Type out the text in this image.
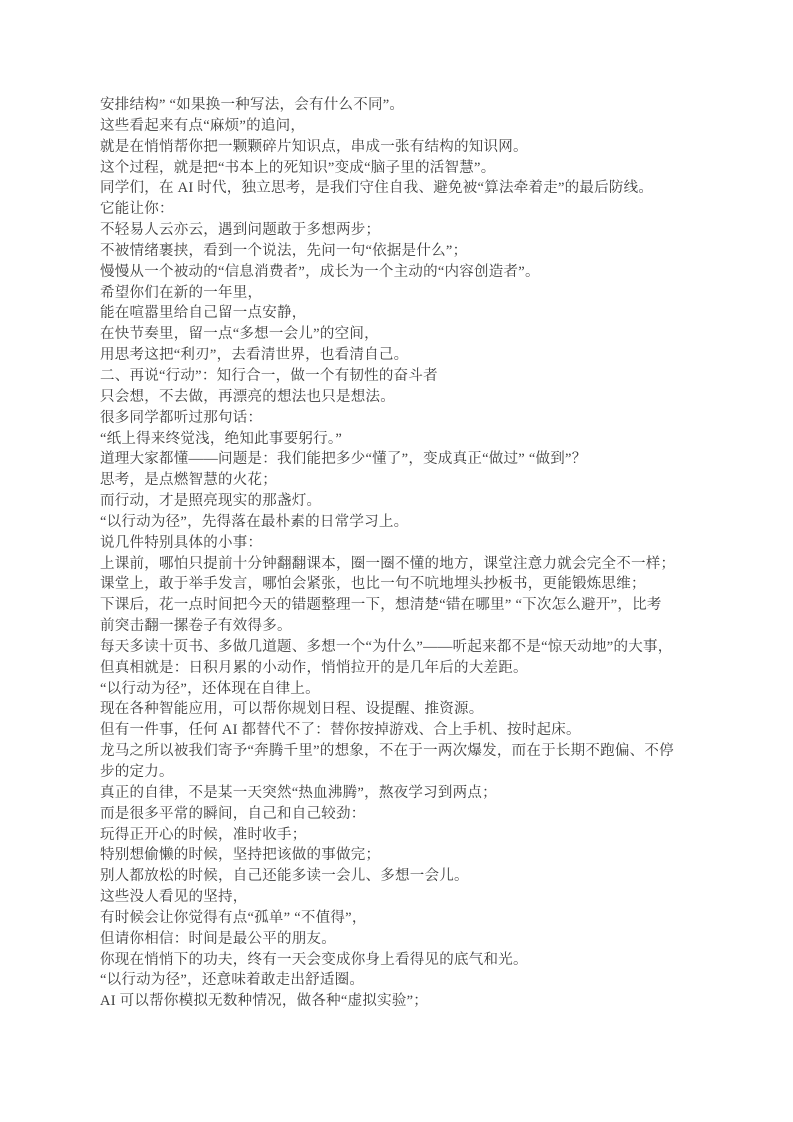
安排结构” “如果换一种写法，会有什么不同”。
这些看起来有点“麻烦”的追问，
就是在悄悄帮你把一颗颗碎片知识点，串成一张有结构的知识网。
这个过程，就是把“书本上的死知识”变成“脑子里的活智慧”。
同学们，在 AI 时代，独立思考，是我们守住自我、避免被“算法牵着走”的最后防线。
它能让你：
不轻易人云亦云，遇到问题敢于多想两步；
不被情绪裹挟，看到一个说法，先问一句“依据是什么”；
慢慢从一个被动的“信息消费者”，成长为一个主动的“内容创造者”。
希望你们在新的一年里，
能在喧嚣里给自己留一点安静，
在快节奏里，留一点“多想一会儿”的空间，
用思考这把“利刃”，去看清世界，也看清自己。
二、再说“行动”：知行合一，做一个有韧性的奋斗者
只会想，不去做，再漂亮的想法也只是想法。
很多同学都听过那句话：
“纸上得来终觉浅，绝知此事要躬行。”
道理大家都懂——问题是：我们能把多少“懂了”，变成真正“做过” “做到”？
思考，是点燃智慧的火花；
而行动，才是照亮现实的那盏灯。
“以行动为径”，先得落在最朴素的日常学习上。
说几件特别具体的小事：
上课前，哪怕只提前十分钟翻翻课本，圈一圈不懂的地方，课堂注意力就会完全不一样；
课堂上，敢于举手发言，哪怕会紧张，也比一句不吭地埋头抄板书，更能锻炼思维；
下课后，花一点时间把今天的错题整理一下，想清楚“错在哪里” “下次怎么避开”，比考
前突击翻一摞卷子有效得多。
每天多读十页书、多做几道题、多想一个“为什么”——听起来都不是“惊天动地”的大事，
但真相就是：日积月累的小动作，悄悄拉开的是几年后的大差距。
“以行动为径”，还体现在自律上。
现在各种智能应用，可以帮你规划日程、设提醒、推资源。
但有一件事，任何 AI 都替代不了：替你按掉游戏、合上手机、按时起床。
龙马之所以被我们寄予“奔腾千里”的想象，不在于一两次爆发，而在于长期不跑偏、不停
步的定力。
真正的自律，不是某一天突然“热血沸腾”，熬夜学习到两点；
而是很多平常的瞬间，自己和自己较劲：
玩得正开心的时候，准时收手；
特别想偷懒的时候，坚持把该做的事做完；
别人都放松的时候，自己还能多读一会儿、多想一会儿。
这些没人看见的坚持，
有时候会让你觉得有点“孤单” “不值得”，
但请你相信：时间是最公平的朋友。
你现在悄悄下的功夫，终有一天会变成你身上看得见的底气和光。
“以行动为径”，还意味着敢走出舒适圈。
AI 可以帮你模拟无数种情况，做各种“虚拟实验”；
